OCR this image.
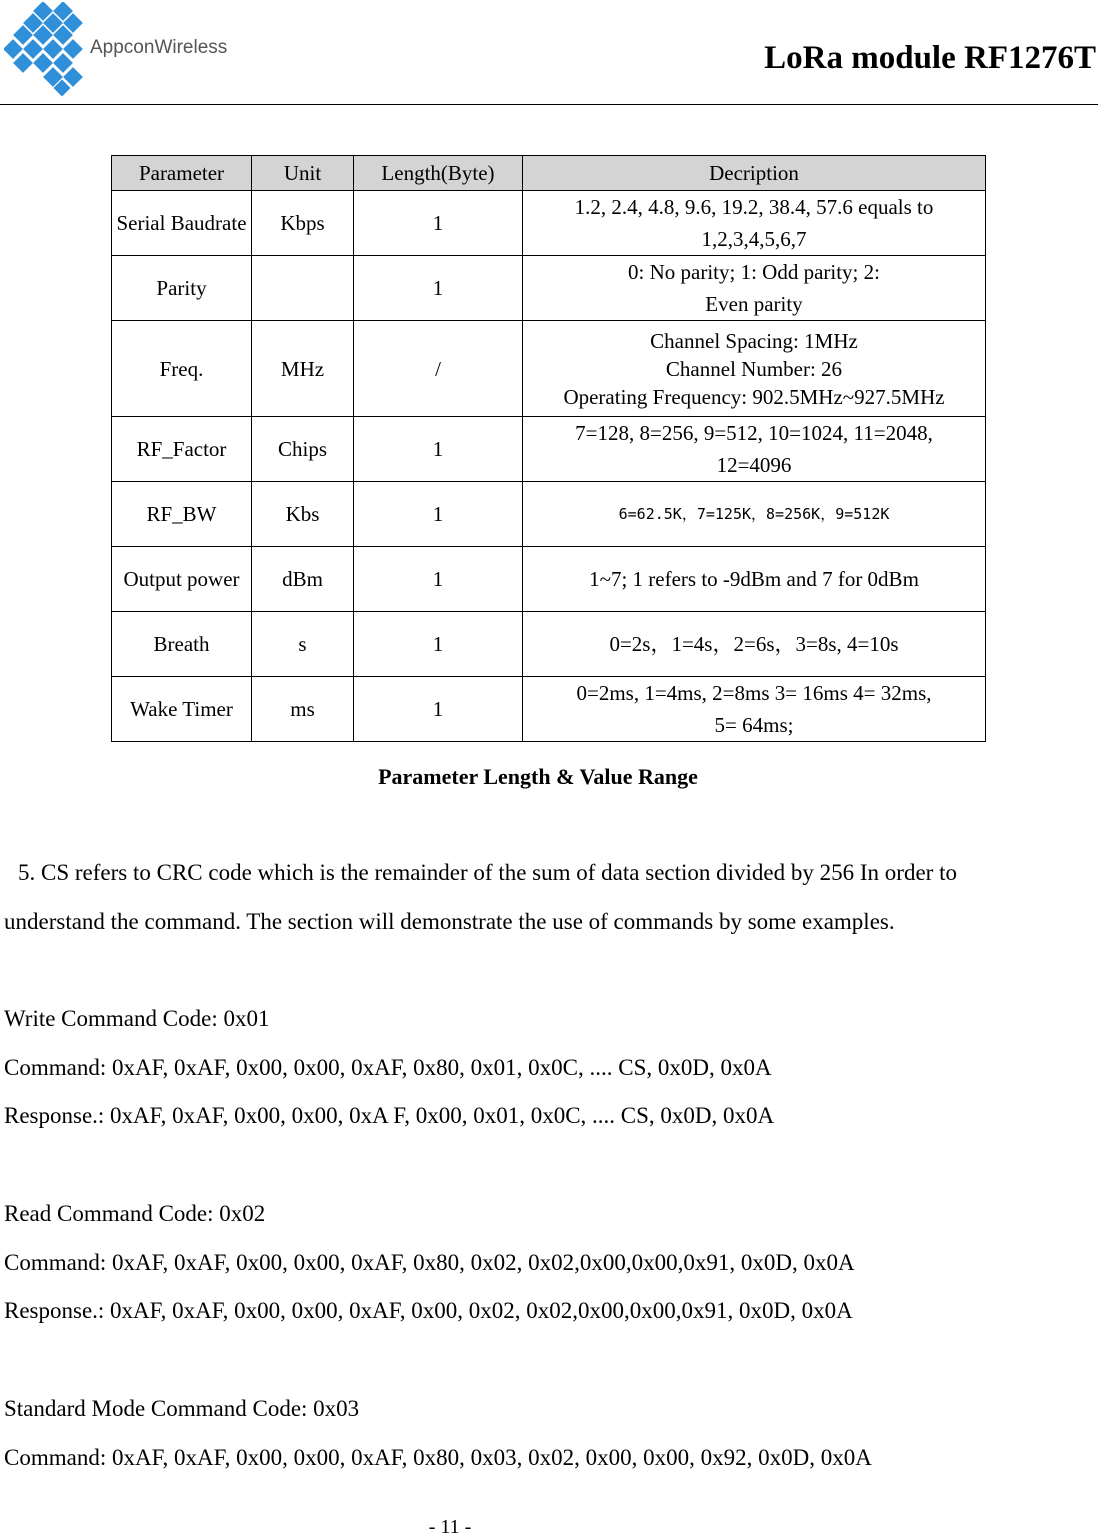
AppconWireless	LoRa module RF1276T
Parameter	Unit	Length(Byte)	Decription
Serial Baudrate	Kbps	1	1.2, 2.4, 4.8, 9.6, 19.2, 38.4, 57.6 equals to
1,2,3,4,5,6,7

Parity		1	0: No parity; 1: Odd parity; 2:
Even parity

Freq.	MHz	/	Channel Spacing: 1MHz
Channel Number: 26
Operating Frequency: 902.5MHz~927.5MHz

RF_Factor	Chips	1	7=128, 8=256, 9=512, 10=1024, 11=2048,
12=4096

RF_BW	Kbs	1	6=62.5K，7=125K，8=256K，9=512K
Output power	dBm	1	1~7; 1 refers to -9dBm and 7 for 0dBm
Breath	s	1	0=2s，1=4s，2=6s，3=8s, 4=10s
Wake Timer	ms	1	0=2ms, 1=4ms, 2=8ms 3= 16ms 4= 32ms,
5= 64ms;
Parameter Length & Value Range
5. CS refers to CRC code which is the remainder of the sum of data section divided by 256 In order to
understand the command. The section will demonstrate the use of commands by some examples.
Write Command Code: 0x01
Command: 0xAF, 0xAF, 0x00, 0x00, 0xAF, 0x80, 0x01, 0x0C, .... CS, 0x0D, 0x0A
Response.: 0xAF, 0xAF, 0x00, 0x00, 0xA F, 0x00, 0x01, 0x0C, .... CS, 0x0D, 0x0A
Read Command Code: 0x02
Command: 0xAF, 0xAF, 0x00, 0x00, 0xAF, 0x80, 0x02, 0x02,0x00,0x00,0x91, 0x0D, 0x0A
Response.: 0xAF, 0xAF, 0x00, 0x00, 0xAF, 0x00, 0x02, 0x02,0x00,0x00,0x91, 0x0D, 0x0A
Standard Mode Command Code: 0x03
Command: 0xAF, 0xAF, 0x00, 0x00, 0xAF, 0x80, 0x03, 0x02, 0x00, 0x00, 0x92, 0x0D, 0x0A
- 11 -
